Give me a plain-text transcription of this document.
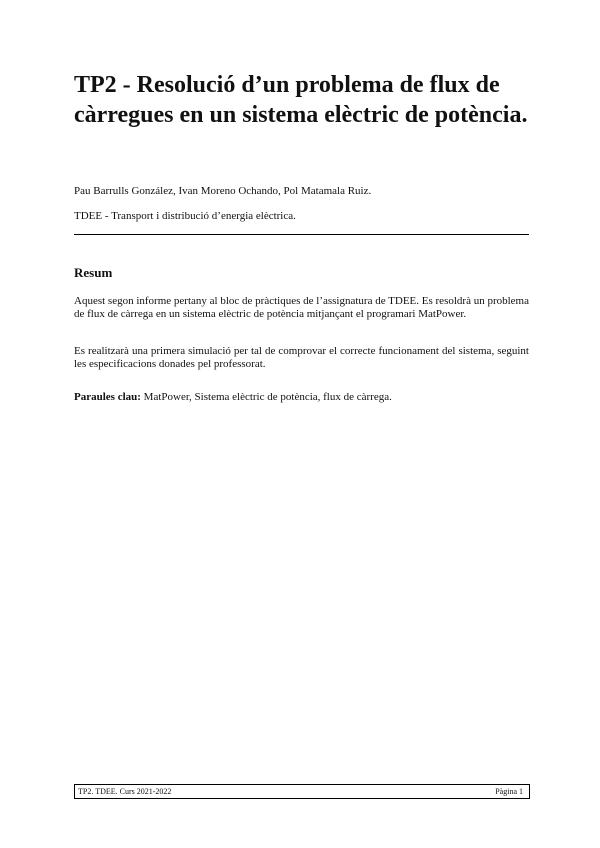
TP2 - Resolució d’un problema de flux de càrregues en un sistema elèctric de potència.

Pau Barrulls González, Ivan Moreno Ochando, Pol Matamala Ruiz.

TDEE - Transport i distribució d’energia elèctrica.

Resum

Aquest segon informe pertany al bloc de pràctiques de l’assignatura de TDEE. Es resoldrà un problema de flux de càrrega en un sistema elèctric de potència mitjançant el programari MatPower.

Es realitzarà una primera simulació per tal de comprovar el correcte funcionament del sistema, seguint les especificacions donades pel professorat.

Paraules clau: MatPower, Sistema elèctric de potència, flux de càrrega.

TP2. TDEE. Curs 2021-2022	Pàgina 1
